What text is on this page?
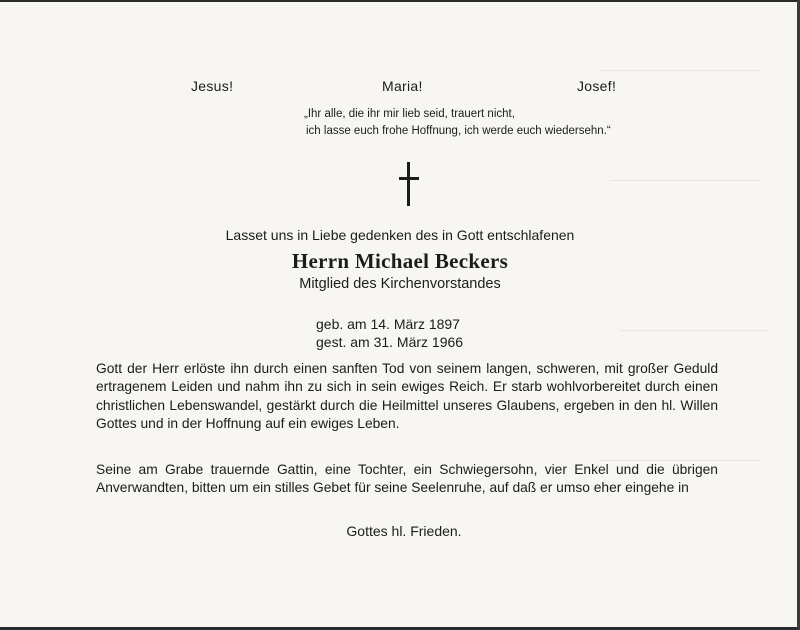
Jesus!	Maria!	Josef!
„Ihr alle, die ihr mir lieb seid, trauert nicht,
ich lasse euch frohe Hoffnung, ich werde euch wiedersehn.“
Lasset uns in Liebe gedenken des in Gott entschlafenen
Herrn Michael Beckers
Mitglied des Kirchenvorstandes
geb. am 14. März 1897
gest. am 31. März 1966
Gott der Herr erlöste ihn durch einen sanften Tod von seinem langen, schweren, mit großer Geduld ertragenem Leiden und nahm ihn zu sich in sein ewiges Reich. Er starb wohlvorbereitet durch einen christlichen Lebenswandel, gestärkt durch die Heilmittel unseres Glaubens, ergeben in den hl. Willen Gottes und in der Hoffnung auf ein ewiges Leben.
Seine am Grabe trauernde Gattin, eine Tochter, ein Schwiegersohn, vier Enkel und die übrigen Anverwandten, bitten um ein stilles Gebet für seine Seelenruhe, auf daß er umso eher eingehe in
Gottes hl. Frieden.
